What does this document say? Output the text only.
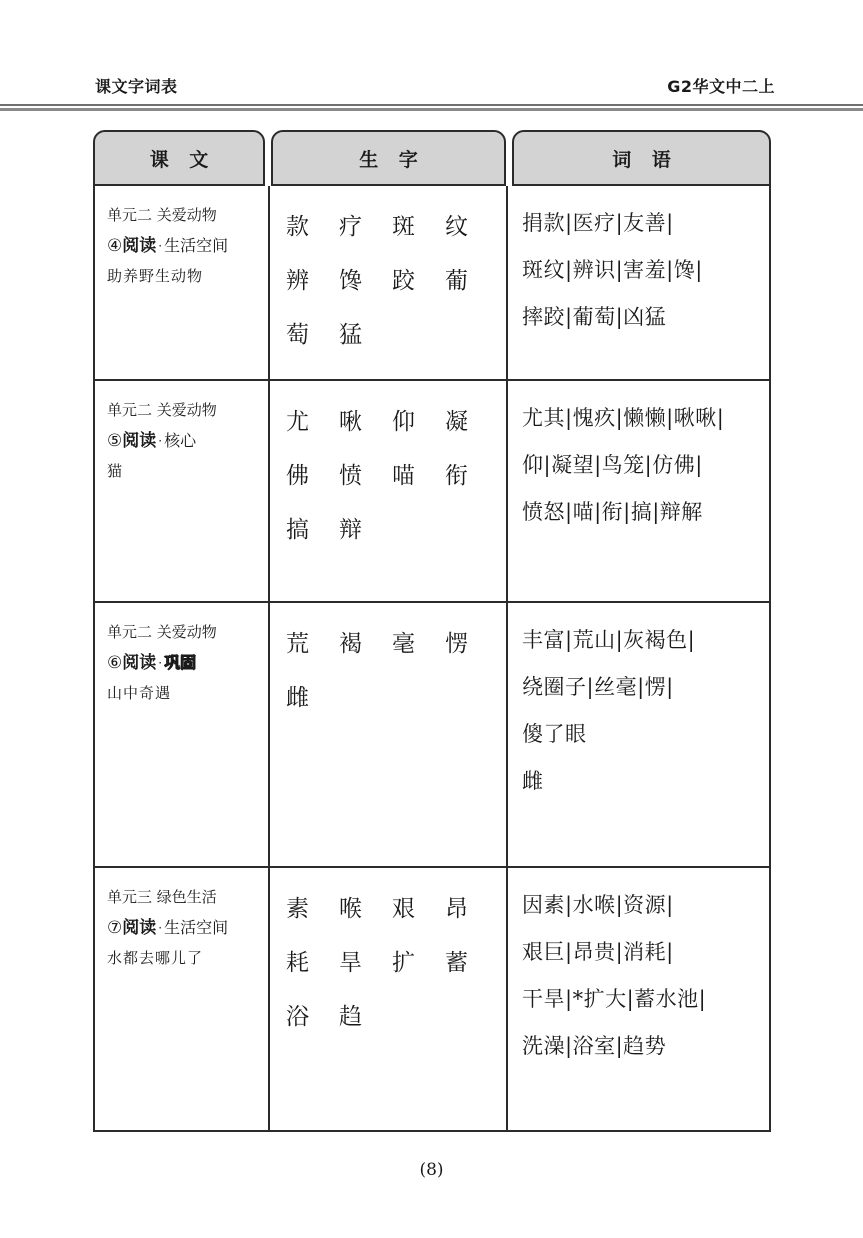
课文字词表	G2华文中二上
课 文	生 字	词 语
单元二 关爱动物
④阅读 · 生活空间
助养野生动物
款	疗	斑	纹
辨	馋	跤	葡
萄	猛
捐款|医疗|友善|
斑纹|辨识|害羞|馋|
摔跤|葡萄|凶猛
单元二 关爱动物
⑤阅读 · 核心
猫
尤	啾	仰	凝
佛	愤	喵	衔
搞	辩
尤其|愧疚|懒懒|啾啾|
仰|凝望|鸟笼|仿佛|
愤怒|喵|衔|搞|辩解
单元二 关爱动物
⑥阅读 · 巩固
山中奇遇
荒	褐	毫	愣
雌
丰富|荒山|灰褐色|
绕圈子|丝毫|愣|
傻了眼
雌
单元三 绿色生活
⑦阅读 · 生活空间
水都去哪儿了
素	喉	艰	昂
耗	旱	扩	蓄
浴	趋
因素|水喉|资源|
艰巨|昂贵|消耗|
干旱|*扩大|蓄水池|
洗澡|浴室|趋势
(8)
